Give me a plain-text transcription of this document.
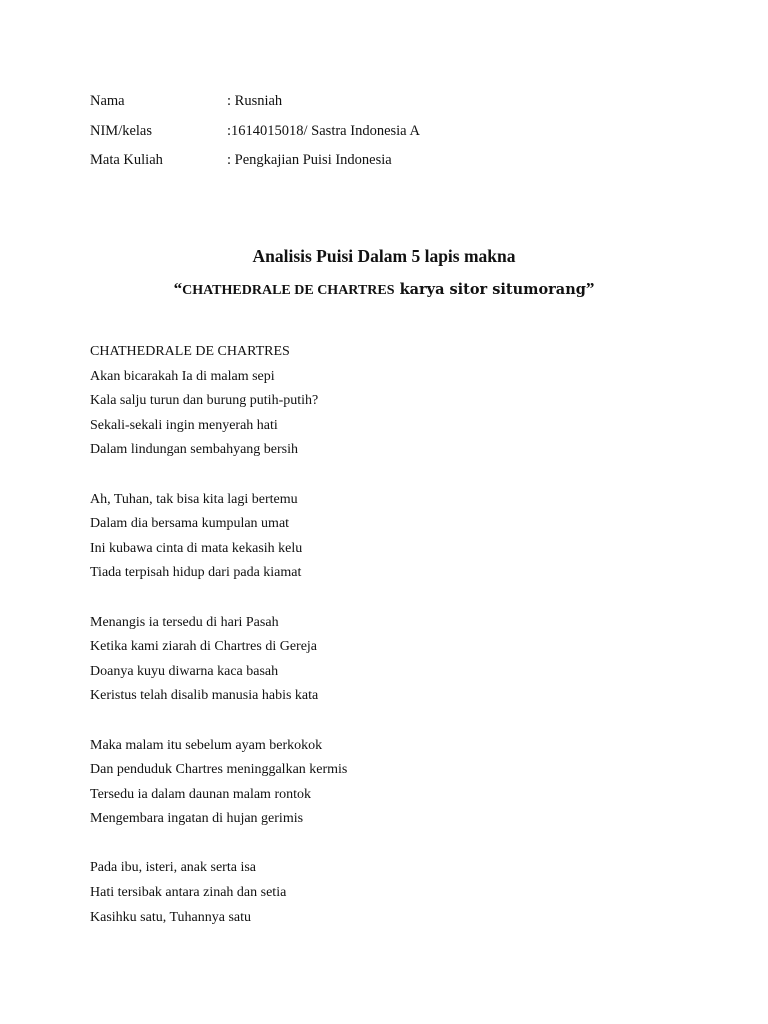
Nama	: Rusniah
NIM/kelas	:1614015018/ Sastra Indonesia A
Mata Kuliah	: Pengkajian Puisi Indonesia
Analisis Puisi Dalam 5 lapis makna
“CHATHEDRALE DE CHARTRES karya sitor situmorang”
CHATHEDRALE DE CHARTRES
Akan bicarakah Ia di malam sepi
Kala salju turun dan burung putih-putih?
Sekali-sekali ingin menyerah hati
Dalam lindungan sembahyang bersih
Ah, Tuhan, tak bisa kita lagi bertemu
Dalam dia bersama kumpulan umat
Ini kubawa cinta di mata kekasih kelu
Tiada terpisah hidup dari pada kiamat
Menangis ia tersedu di hari Pasah
Ketika kami ziarah di Chartres di Gereja
Doanya kuyu diwarna kaca basah
Keristus telah disalib manusia habis kata
Maka malam itu sebelum ayam berkokok
Dan penduduk Chartres meninggalkan kermis
Tersedu ia dalam daunan malam rontok
Mengembara ingatan di hujan gerimis
Pada ibu, isteri, anak serta isa
Hati tersibak antara zinah dan setia
Kasihku satu, Tuhannya satu
